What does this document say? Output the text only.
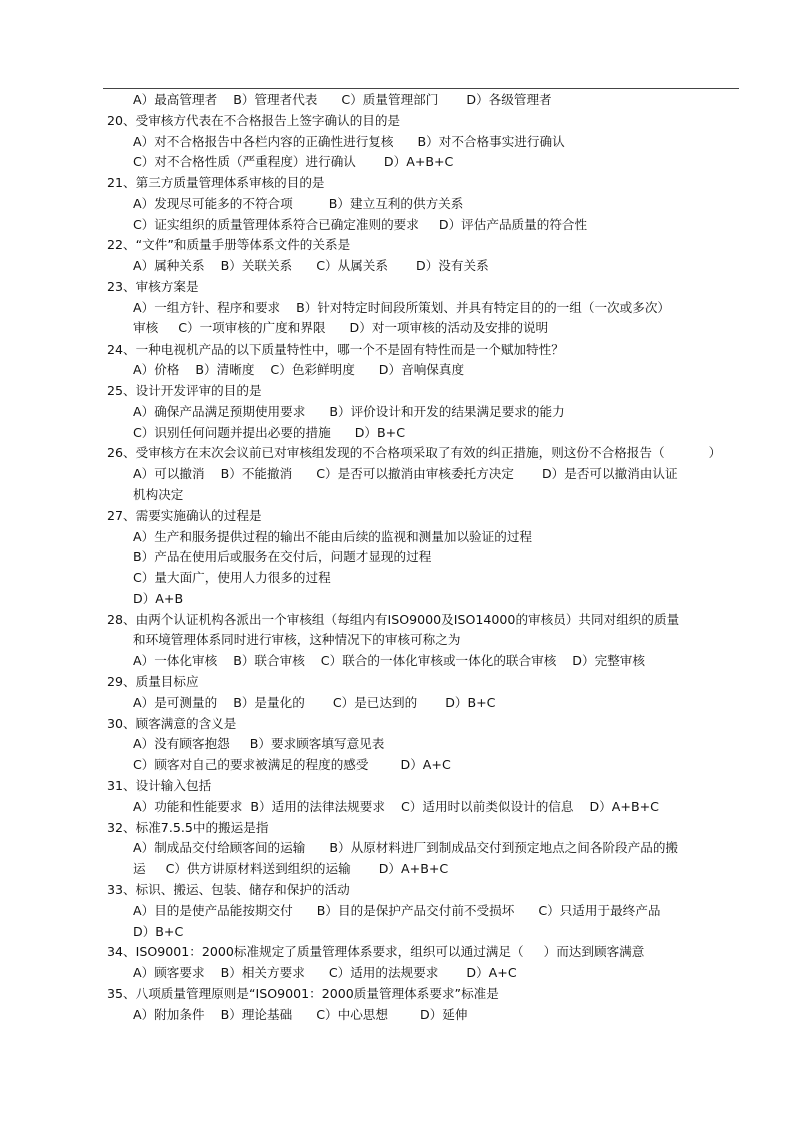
A）最高管理者    B）管理者代表      C）质量管理部门       D）各级管理者
20、受审核方代表在不合格报告上签字确认的目的是
A）对不合格报告中各栏内容的正确性进行复核      B）对不合格事实进行确认
C）对不合格性质（严重程度）进行确认       D）A+B+C
21、第三方质量管理体系审核的目的是
A）发现尽可能多的不符合项         B）建立互利的供方关系
C）证实组织的质量管理体系符合已确定准则的要求     D）评估产品质量的符合性
22、“文件”和质量手册等体系文件的关系是
A）属种关系    B）关联关系      C）从属关系       D）没有关系
23、审核方案是
A）一组方针、程序和要求    B）针对特定时间段所策划、并具有特定目的的一组（一次或多次）
审核     C）一项审核的广度和界限      D）对一项审核的活动及安排的说明
24、一种电视机产品的以下质量特性中，哪一个不是固有特性而是一个赋加特性？
A）价格    B）清晰度    C）色彩鲜明度      D）音响保真度
25、设计开发评审的目的是
A）确保产品满足预期使用要求      B）评价设计和开发的结果满足要求的能力
C）识别任何问题并提出必要的措施      D）B+C
26、受审核方在末次会议前已对审核组发现的不合格项采取了有效的纠正措施，则这份不合格报告（           ）
A）可以撤消    B）不能撤消      C）是否可以撤消由审核委托方决定       D）是否可以撤消由认证
机构决定
27、需要实施确认的过程是
A）生产和服务提供过程的输出不能由后续的监视和测量加以验证的过程
B）产品在使用后或服务在交付后，问题才显现的过程
C）量大面广，使用人力很多的过程
D）A+B
28、由两个认证机构各派出一个审核组（每组内有ISO9000及ISO14000的审核员）共同对组织的质量
和环境管理体系同时进行审核，这种情况下的审核可称之为
A）一体化审核    B）联合审核    C）联合的一体化审核或一体化的联合审核    D）完整审核
29、质量目标应
A）是可测量的    B）是量化的       C）是已达到的       D）B+C
30、顾客满意的含义是
A）没有顾客抱怨     B）要求顾客填写意见表
C）顾客对自己的要求被满足的程度的感受        D）A+C
31、设计输入包括
A）功能和性能要求  B）适用的法律法规要求    C）适用时以前类似设计的信息    D）A+B+C
32、标准7.5.5中的搬运是指
A）制成品交付给顾客间的运输      B）从原材料进厂到制成品交付到预定地点之间各阶段产品的搬
运     C）供方讲原材料送到组织的运输       D）A+B+C
33、标识、搬运、包装、储存和保护的活动
A）目的是使产品能按期交付      B）目的是保护产品交付前不受损坏      C）只适用于最终产品
D）B+C
34、ISO9001：2000标准规定了质量管理体系要求，组织可以通过满足（     ）而达到顾客满意
A）顾客要求    B）相关方要求      C）适用的法规要求       D）A+C
35、八项质量管理原则是“ISO9001：2000质量管理体系要求”标准是
A）附加条件    B）理论基础      C）中心思想        D）延伸
